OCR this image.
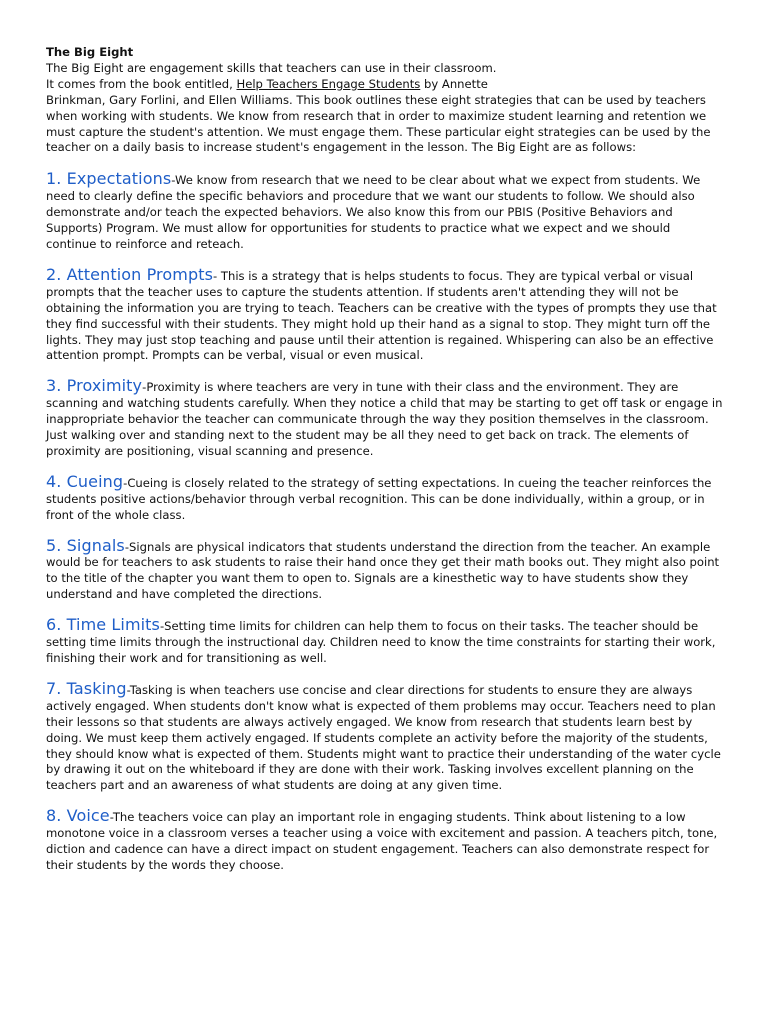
The Big Eight

The Big Eight are engagement skills that teachers can use in their classroom.

It comes from the book entitled, Help Teachers Engage Students by Annette

Brinkman, Gary Forlini, and Ellen Williams. This book outlines these eight strategies that can be used by teachers when working with students. We know from research that in order to maximize student learning and retention we must capture the student's attention. We must engage them. These particular eight strategies can be used by the teacher on a daily basis to increase student's engagement in the lesson. The Big Eight are as follows:

1. Expectations-We know from research that we need to be clear about what we expect from students. We need to clearly define the specific behaviors and procedure that we want our students to follow. We should also demonstrate and/or teach the expected behaviors. We also know this from our PBIS (Positive Behaviors and Supports) Program. We must allow for opportunities for students to practice what we expect and we should continue to reinforce and reteach.

2. Attention Prompts- This is a strategy that is helps students to focus. They are typical verbal or visual prompts that the teacher uses to capture the students attention. If students aren't attending they will not be obtaining the information you are trying to teach. Teachers can be creative with the types of prompts they use that they find successful with their students. They might hold up their hand as a signal to stop. They might turn off the lights. They may just stop teaching and pause until their attention is regained. Whispering can also be an effective attention prompt. Prompts can be verbal, visual or even musical.

3. Proximity-Proximity is where teachers are very in tune with their class and the environment. They are scanning and watching students carefully. When they notice a child that may be starting to get off task or engage in inappropriate behavior the teacher can communicate through the way they position themselves in the classroom. Just walking over and standing next to the student may be all they need to get back on track. The elements of proximity are positioning, visual scanning and presence.

4. Cueing-Cueing is closely related to the strategy of setting expectations. In cueing the teacher reinforces the students positive actions/behavior through verbal recognition. This can be done individually, within a group, or in front of the whole class.

5. Signals-Signals are physical indicators that students understand the direction from the teacher. An example would be for teachers to ask students to raise their hand once they get their math books out. They might also point to the title of the chapter you want them to open to. Signals are a kinesthetic way to have students show they understand and have completed the directions.

6. Time Limits-Setting time limits for children can help them to focus on their tasks. The teacher should be setting time limits through the instructional day. Children need to know the time constraints for starting their work, finishing their work and for transitioning as well.

7. Tasking-Tasking is when teachers use concise and clear directions for students to ensure they are always actively engaged. When students don't know what is expected of them problems may occur. Teachers need to plan their lessons so that students are always actively engaged. We know from research that students learn best by doing. We must keep them actively engaged. If students complete an activity before the majority of the students, they should know what is expected of them. Students might want to practice their understanding of the water cycle by drawing it out on the whiteboard if they are done with their work. Tasking involves excellent planning on the teachers part and an awareness of what students are doing at any given time.

8. Voice-The teachers voice can play an important role in engaging students. Think about listening to a low monotone voice in a classroom verses a teacher using a voice with excitement and passion. A teachers pitch, tone, diction and cadence can have a direct impact on student engagement. Teachers can also demonstrate respect for their students by the words they choose.
